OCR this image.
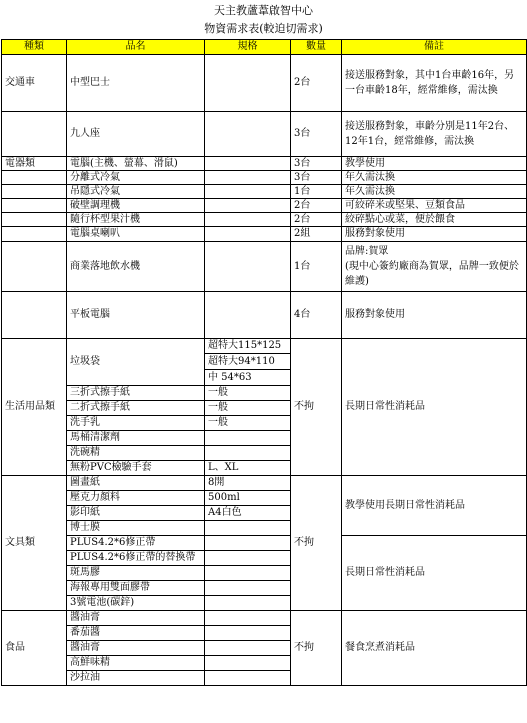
天主教蘆葦啟智中心
物資需求表(較迫切需求)
種類	品名	規格	數量	備註
交通車	中型巴士		2台	接送服務對象，其中1台車齡16年，另一台車齡18年，經常維修，需汰換
	九人座		3台	接送服務對象，車齡分別是11年2台、12年1台，經常維修，需汰換
電器類	電腦(主機、螢幕、滑鼠)		3台	教學使用
	分離式冷氣		3台	年久需汰換
	吊隱式冷氣		1台	年久需汰換
	破壁調理機		2台	可絞碎米或堅果、豆類食品
	隨行杯型果汁機		2台	絞碎點心或菜，便於餵食
	電腦桌喇叭		2組	服務對象使用
	商業落地飲水機		1台	品牌:賀眾
(現中心簽約廠商為賀眾，品牌一致便於維護)
	平板電腦		4台	服務對象使用
生活用品類	垃圾袋	超特大115*125	不拘	長期日常性消耗品
		超特大94*110		
		中 54*63		
	三折式擦手紙	一般		
	二折式擦手紙	一般		
	洗手乳	一般		
	馬桶清潔劑			
	洗碗精			
	無粉PVC檢驗手套	L、XL		
文具類	圖畫紙	8開	不拘	教學使用長期日常性消耗品
	壓克力顏料	500ml		
	影印紙	A4白色		
	博士膜			
	PLUS4.2*6修正帶			長期日常性消耗品
	PLUS4.2*6修正帶的替換帶			
	斑馬膠			
	海報專用雙面膠帶			
	3號電池(碳鋅)			
食品	醬油膏		不拘	餐食烹煮消耗品
	番茄醬			
	醬油膏			
	高鮮味精			
	沙拉油			
